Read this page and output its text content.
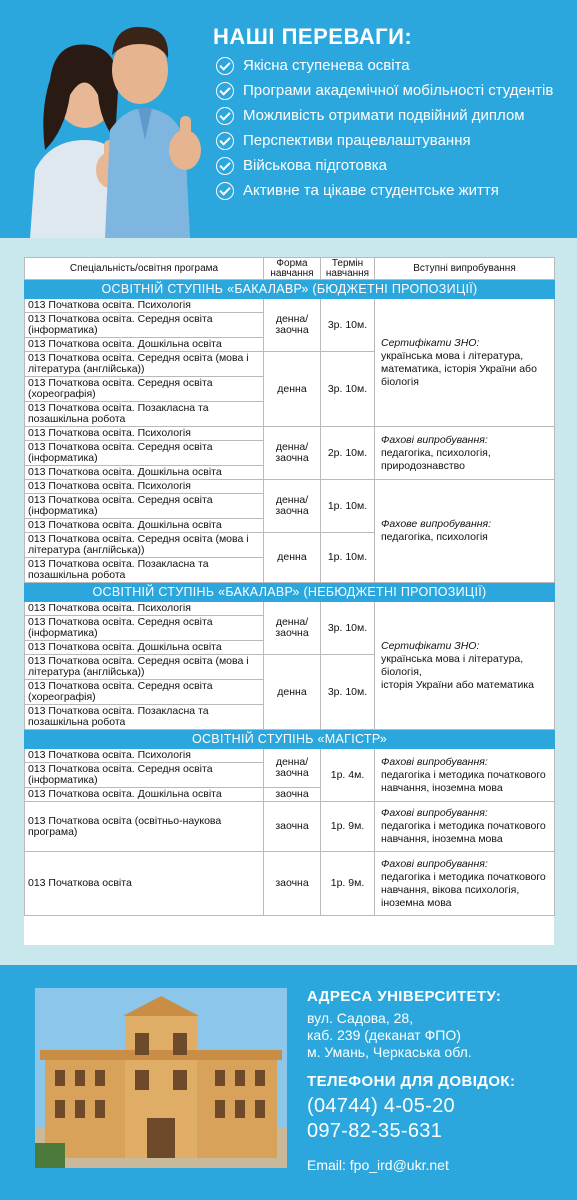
НАШІ ПЕРЕВАГИ:
Якісна ступенева освіта
Програми академічної мобільності студентів
Можливість отримати подвійний диплом
Перспективи працевлаштування
Військова підготовка
Активне та цікаве студентське життя
Спеціальність/освітня програма	Форма навчання	Термін навчання	Вступні випробування
ОСВІТНІЙ СТУПІНЬ «БАКАЛАВР» (БЮДЖЕТНІ ПРОПОЗИЦІЇ)			
013 Початкова освіта. Психологія	денна/ заочна	3р. 10м.	Сертифікати ЗНО:
українська мова і література, математика, історія України або біологія
013 Початкова освіта. Середня освіта (інформатика)			
013 Початкова освіта. Дошкільна освіта			
013 Початкова освіта. Середня освіта (мова і література (англійська))	денна	3р. 10м.	
013 Початкова освіта. Середня освіта (хореографія)			
013 Початкова освіта. Позакласна та позашкільна робота			
013 Початкова освіта. Психологія	денна/ заочна	2р. 10м.	Фахові випробування:
педагогіка, психологія, природознавство
013 Початкова освіта. Середня освіта (інформатика)			
013 Початкова освіта. Дошкільна освіта			
013 Початкова освіта. Психологія	денна/ заочна	1р. 10м.	Фахове випробування:
педагогіка, психологія
013 Початкова освіта. Середня освіта (інформатика)			
013 Початкова освіта. Дошкільна освіта			
013 Початкова освіта. Середня освіта (мова і література (англійська))	денна	1р. 10м.	
013 Початкова освіта. Позакласна та позашкільна робота			
ОСВІТНІЙ СТУПІНЬ «БАКАЛАВР» (НЕБЮДЖЕТНІ ПРОПОЗИЦІЇ)			
013 Початкова освіта. Психологія	денна/ заочна	3р. 10м.	Сертифікати ЗНО:
українська мова і література,
біологія,
історія України або математика
013 Початкова освіта. Середня освіта (інформатика)			
013 Початкова освіта. Дошкільна освіта			
013 Початкова освіта. Середня освіта (мова і література (англійська))	денна	3р. 10м.	
013 Початкова освіта. Середня освіта (хореографія)			
013 Початкова освіта. Позакласна та позашкільна робота			
ОСВІТНІЙ СТУПІНЬ «МАГІСТР»			
013 Початкова освіта. Психологія	денна/ заочна	1р. 4м.	Фахові випробування:
педагогіка і методика початкового навчання, іноземна мова
013 Початкова освіта. Середня освіта (інформатика)			
013 Початкова освіта. Дошкільна освіта	заочна		
013 Початкова освіта (освітньо-наукова програма)	заочна	1р. 9м.	Фахові випробування:
педагогіка і методика початкового навчання, іноземна мова
013 Початкова освіта	заочна	1р. 9м.	Фахові випробування:
педагогіка і методика початкового навчання, вікова психологія, іноземна мова
АДРЕСА УНІВЕРСИТЕТУ:
вул. Садова, 28,
каб. 239 (деканат ФПО)
м. Умань, Черкаська обл.
ТЕЛЕФОНИ ДЛЯ ДОВІДОК:
(04744) 4-05-20
097-82-35-631
Email: fpo_ird@ukr.net
